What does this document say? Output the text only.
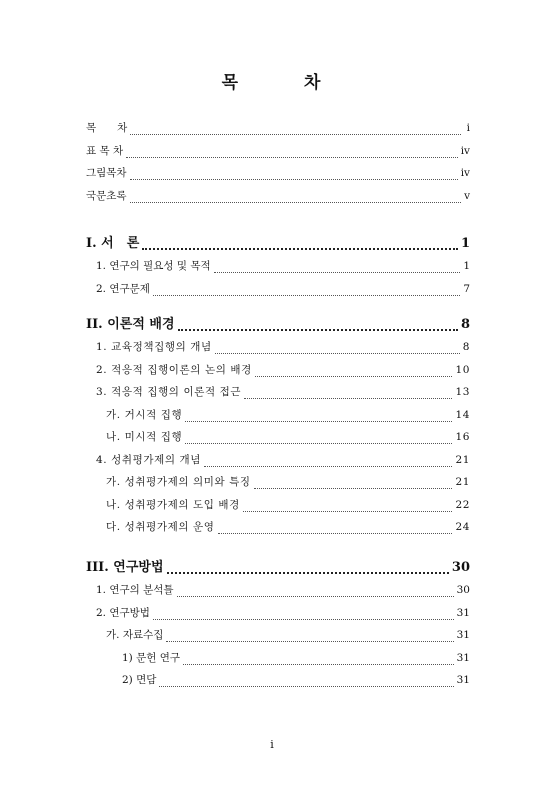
목	차
목　　차	i
표 목 차	iv
그림목차	iv
국문초록	v
I. 서　론	1
1. 연구의 필요성 및 목적	1
2. 연구문제	7
II. 이론적 배경	8
1. 교육정책집행의 개념	8
2. 적응적 집행이론의 논의 배경	10
3. 적응적 집행의 이론적 접근	13
가. 거시적 집행	14
나. 미시적 집행	16
4. 성취평가제의 개념	21
가. 성취평가제의 의미와 특징	21
나. 성취평가제의 도입 배경	22
다. 성취평가제의 운영	24
III. 연구방법	30
1. 연구의 분석틀	30
2. 연구방법	31
가. 자료수집	31
1) 문헌 연구	31
2) 면담	31
i
